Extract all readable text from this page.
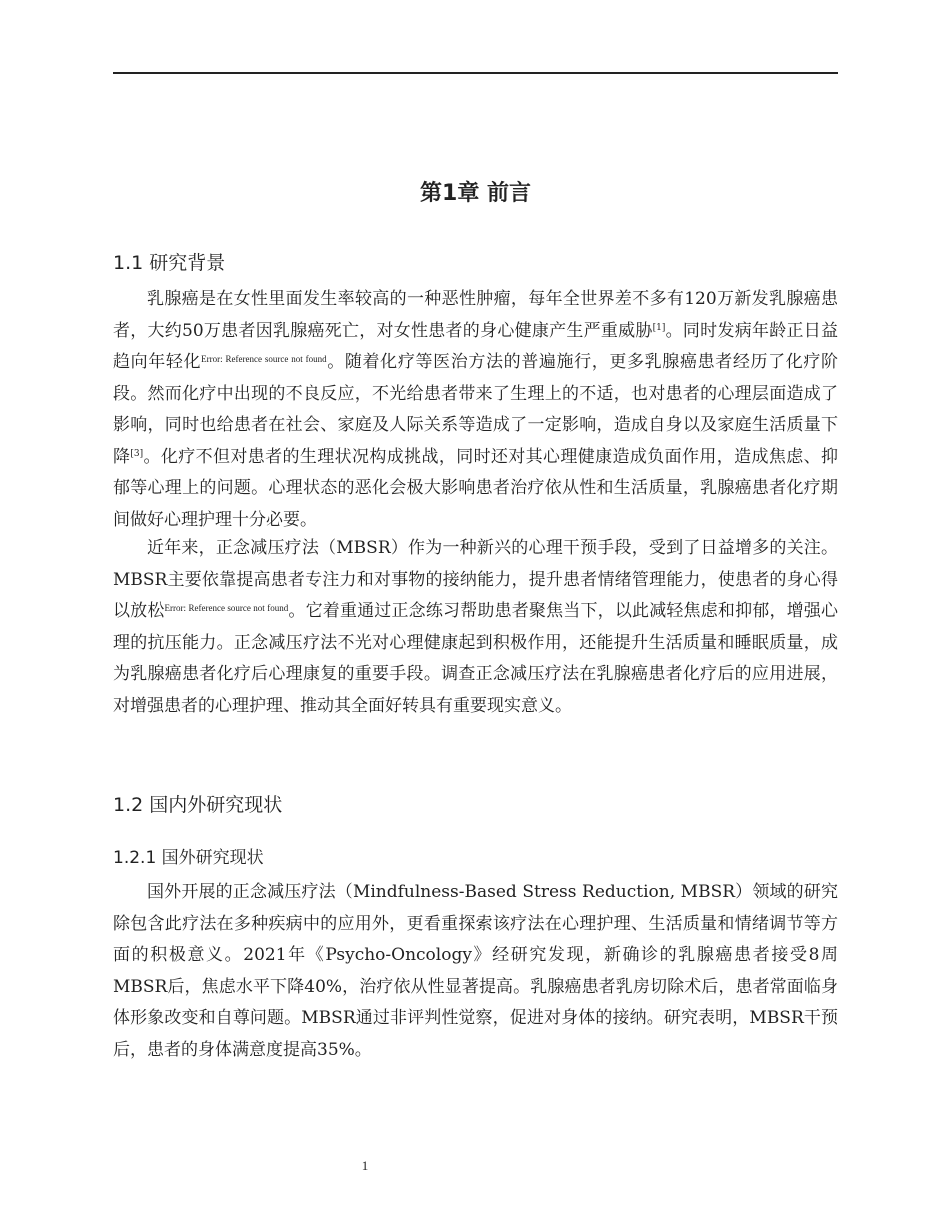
第1章 前言
1.1 研究背景

乳腺癌是在女性里面发生率较高的一种恶性肿瘤，每年全世界差不多有120万新发乳腺癌患者，大约50万患者因乳腺癌死亡，对女性患者的身心健康产生严重威胁[1]。同时发病年龄正日益趋向年轻化$^{Error: Reference source not found}$。随着化疗等医治方法的普遍施行，更多乳腺癌患者经历了化疗阶段。然而化疗中出现的不良反应，不光给患者带来了生理上的不适，也对患者的心理层面造成了影响，同时也给患者在社会、家庭及人际关系等造成了一定影响，造成自身以及家庭生活质量下降[3]。化疗不但对患者的生理状况构成挑战，同时还对其心理健康造成负面作用，造成焦虑、抑郁等心理上的问题。心理状态的恶化会极大影响患者治疗依从性和生活质量，乳腺癌患者化疗期间做好心理护理十分必要。

近年来，正念减压疗法（MBSR）作为一种新兴的心理干预手段，受到了日益增多的关注。MBSR主要依靠提高患者专注力和对事物的接纳能力，提升患者情绪管理能力，使患者的身心得以放松$^{Error: Reference source not found}$。它着重通过正念练习帮助患者聚焦当下，以此减轻焦虑和抑郁，增强心理的抗压能力。正念减压疗法不光对心理健康起到积极作用，还能提升生活质量和睡眠质量，成为乳腺癌患者化疗后心理康复的重要手段。调查正念减压疗法在乳腺癌患者化疗后的应用进展，对增强患者的心理护理、推动其全面好转具有重要现实意义。

1.2 国内外研究现状
1.2.1 国外研究现状

国外开展的正念减压疗法（Mindfulness-Based Stress Reduction, MBSR）领域的研究除包含此疗法在多种疾病中的应用外，更看重探索该疗法在心理护理、生活质量和情绪调节等方面的积极意义。2021年《Psycho-Oncology》经研究发现，新确诊的乳腺癌患者接受8周MBSR后，焦虑水平下降40%，治疗依从性显著提高。乳腺癌患者乳房切除术后，患者常面临身体形象改变和自尊问题。MBSR通过非评判性觉察，促进对身体的接纳。研究表明，MBSR干预后，患者的身体满意度提高35%。

1
